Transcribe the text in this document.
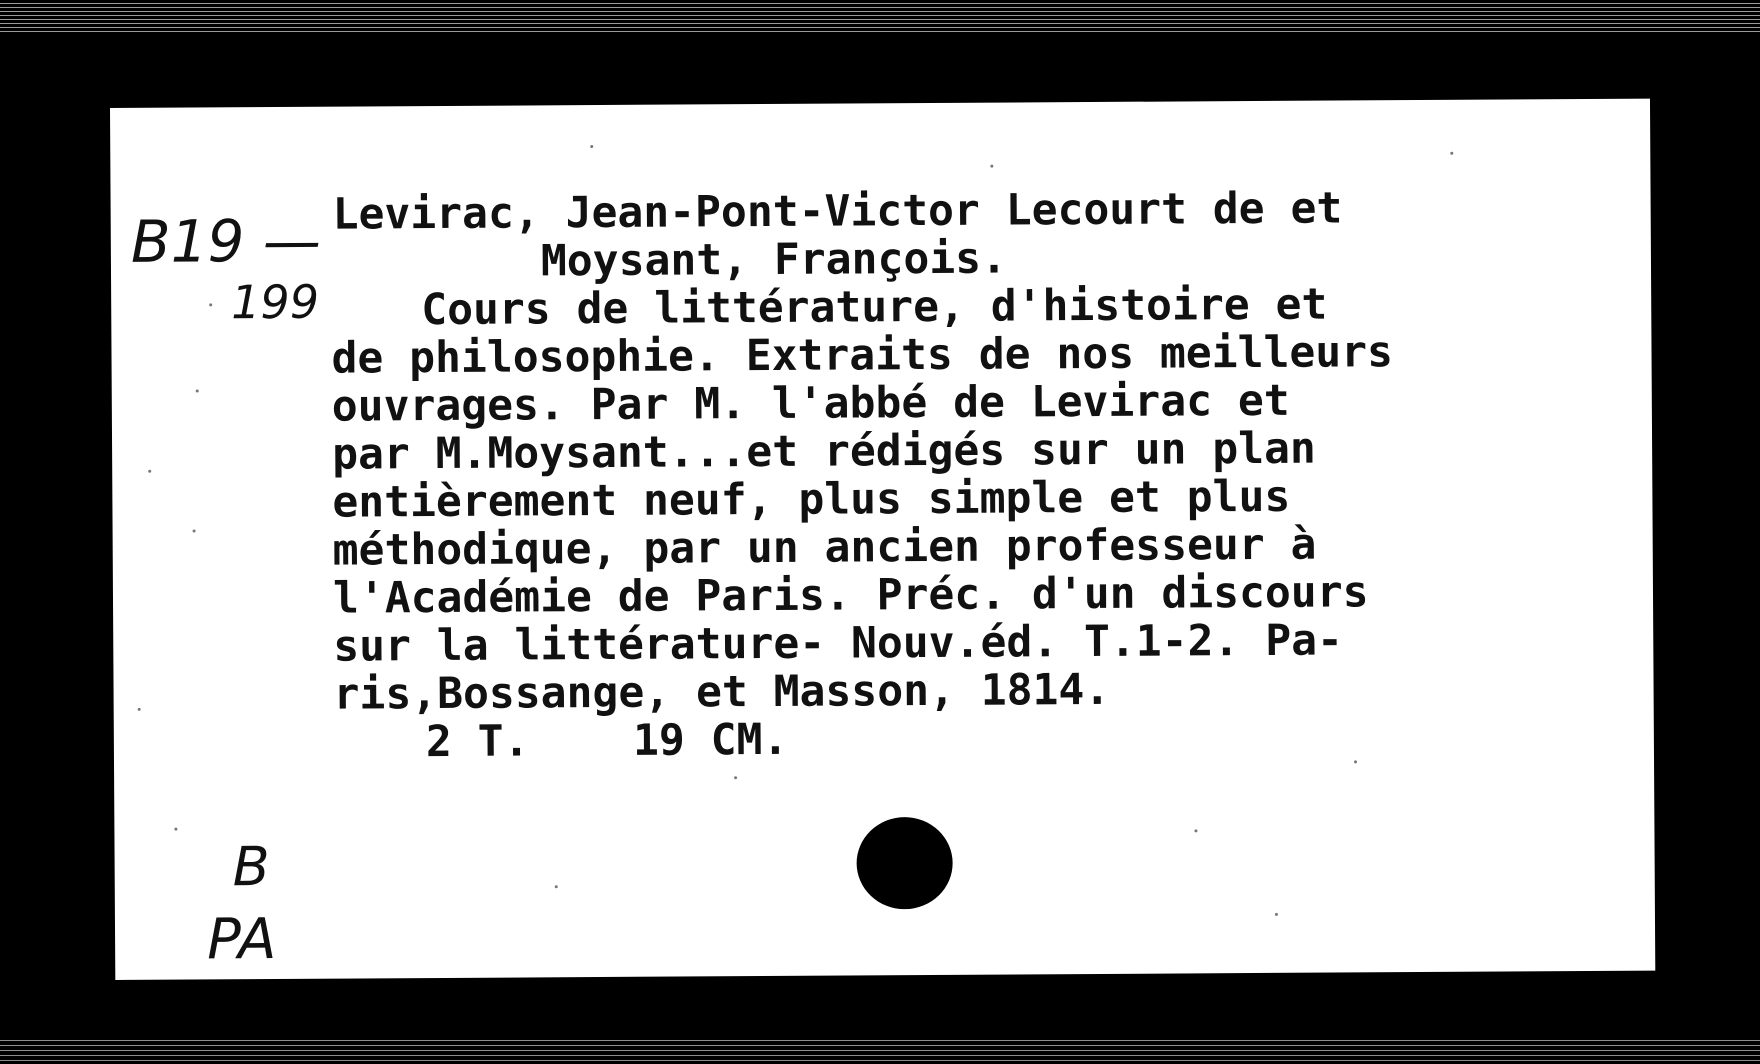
B19 —
199

Levirac, Jean-Pont-Victor Lecourt de et

Moysant, François.

Cours de littérature, d'histoire et

de philosophie. Extraits de nos meilleurs

ouvrages. Par M. l'abbé de Levirac et

par M.Moysant...et rédigés sur un plan

entièrement neuf, plus simple et plus

méthodique, par un ancien professeur à

l'Académie de Paris. Préc. d'un discours

sur la littérature- Nouv.éd. T.1-2. Pa-

ris,Bossange, et Masson, 1814.

2 T.    19 CM.

B
PA
